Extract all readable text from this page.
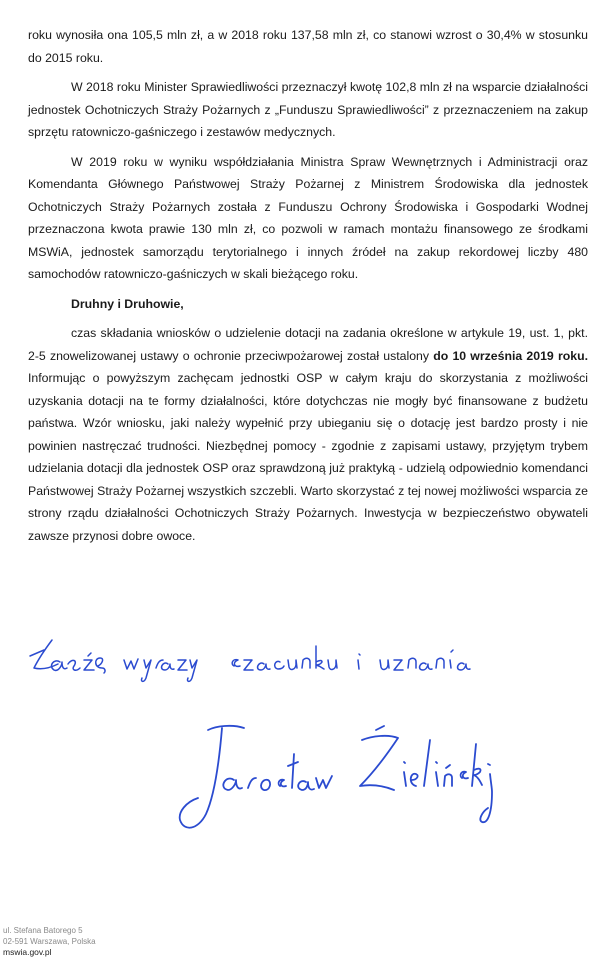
roku wynosiła ona 105,5 mln zł, a w 2018 roku 137,58 mln zł, co stanowi wzrost o 30,4% w stosunku do 2015 roku.

W 2018 roku Minister Sprawiedliwości przeznaczył kwotę 102,8 mln zł na wsparcie działalności jednostek Ochotniczych Straży Pożarnych z „Funduszu Sprawiedliwości” z przeznaczeniem na zakup sprzętu ratowniczo-gaśniczego i zestawów medycznych.

W 2019 roku w wyniku współdziałania Ministra Spraw Wewnętrznych i Administracji oraz Komendanta Głównego Państwowej Straży Pożarnej z Ministrem Środowiska dla jednostek Ochotniczych Straży Pożarnych została z Funduszu Ochrony Środowiska i Gospodarki Wodnej przeznaczona kwota prawie 130 mln zł, co pozwoli w ramach montażu finansowego ze środkami MSWiA, jednostek samorządu terytorialnego i innych źródeł na zakup rekordowej liczby 480 samochodów ratowniczo-gaśniczych w skali bieżącego roku.

Druhny i Druhowie,

czas składania wniosków o udzielenie dotacji na zadania określone w artykule 19, ust. 1, pkt. 2-5 znowelizowanej ustawy o ochronie przeciwpożarowej został ustalony do 10 września 2019 roku. Informując o powyższym zachęcam jednostki OSP w całym kraju do skorzystania z możliwości uzyskania dotacji na te formy działalności, które dotychczas nie mogły być finansowane z budżetu państwa. Wzór wniosku, jaki należy wypełnić przy ubieganiu się o dotację jest bardzo prosty i nie powinien nastręczać trudności. Niezbędnej pomocy - zgodnie z zapisami ustawy, przyjętym trybem udzielania dotacji dla jednostek OSP oraz sprawdzoną już praktyką - udzielą odpowiednio komendanci Państwowej Straży Pożarnej wszystkich szczebli. Warto skorzystać z tej nowej możliwości wsparcia ze strony rządu działalności Ochotniczych Straży Pożarnych. Inwestycja w bezpieczeństwo obywateli zawsze przynosi dobre owoce.

ul. Stefana Batorego 5
02-591 Warszawa, Polska
mswia.gov.pl
